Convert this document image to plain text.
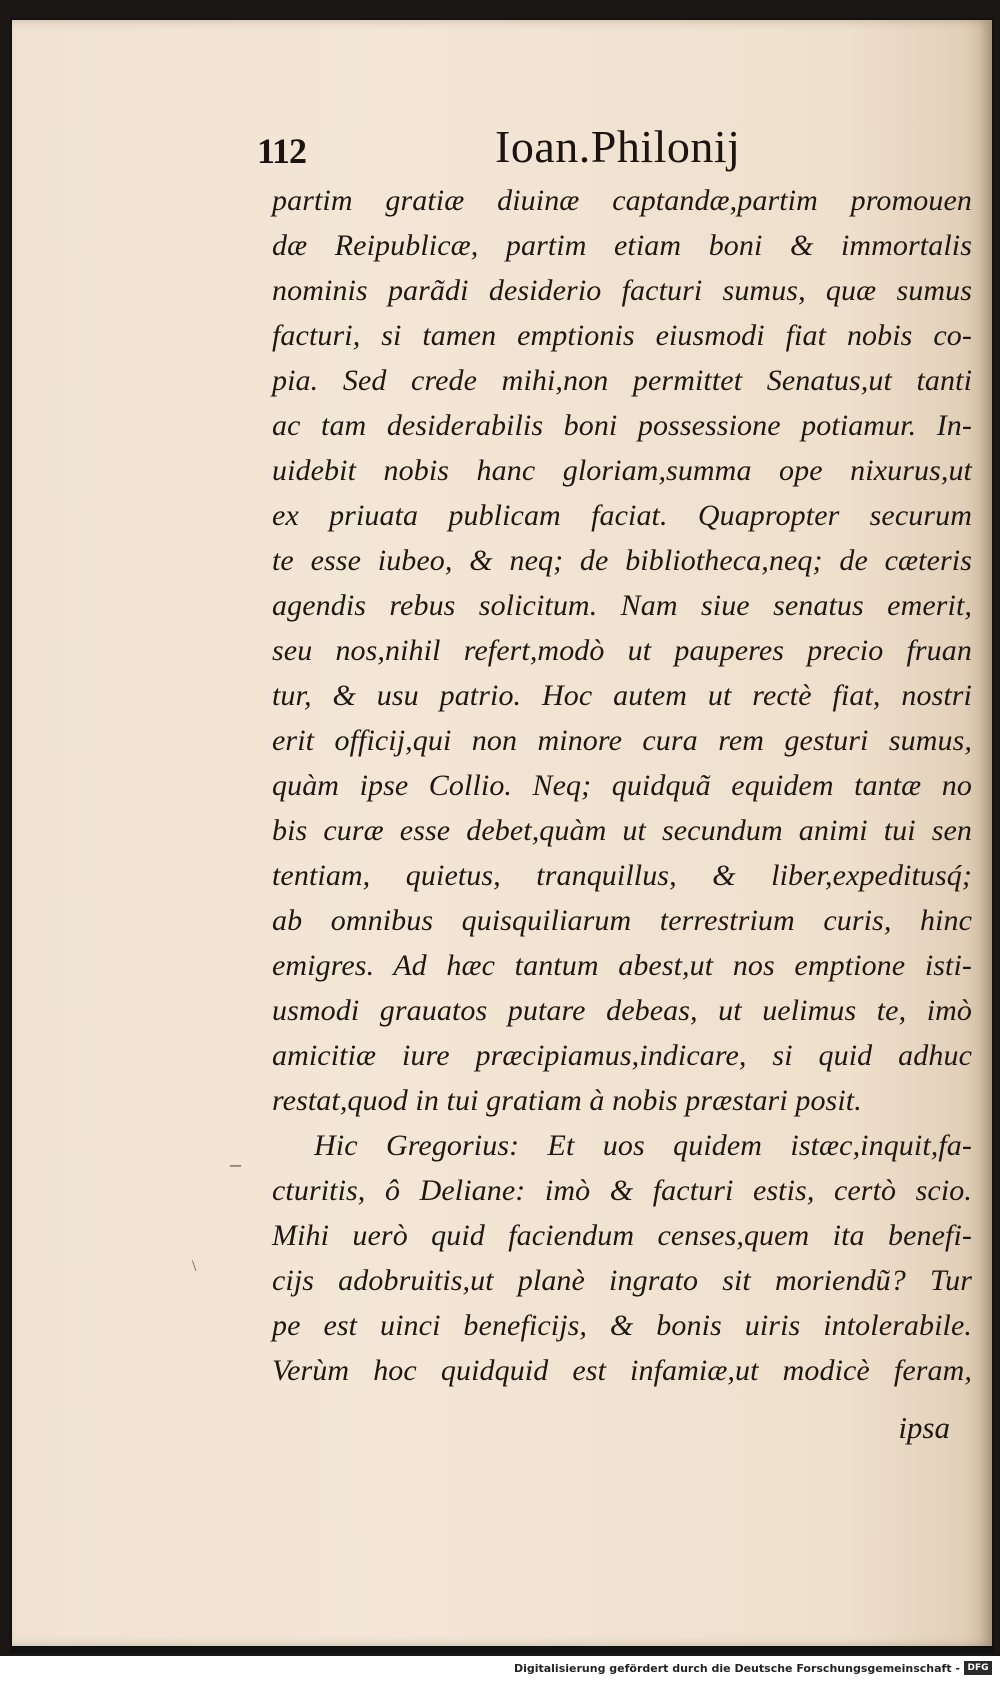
112	Ioan.Philonij
partim gratiæ diuinæ captandæ,partim promouen
dæ Reipublicæ, partim etiam boni & immortalis
nominis parãdi desiderio facturi sumus, quæ sumus
facturi, si tamen emptionis eiusmodi fiat nobis co-
pia. Sed crede mihi,non permittet Senatus,ut tanti
ac tam desiderabilis boni possessione potiamur. In-
uidebit nobis hanc gloriam,summa ope nixurus,ut
ex priuata publicam faciat. Quapropter securum
te esse iubeo, & neq; de bibliotheca,neq; de cæteris
agendis rebus solicitum. Nam siue senatus emerit,
seu nos,nihil refert,modò ut pauperes precio fruan
tur, & usu patrio. Hoc autem ut rectè fiat, nostri
erit officij,qui non minore cura rem gesturi sumus,
quàm ipse Collio. Neq; quidquã equidem tantæ no
bis curæ esse debet,quàm ut secundum animi tui sen
tentiam, quietus, tranquillus, & liber,expeditusq́;
ab omnibus quisquiliarum terrestrium curis, hinc
emigres. Ad hæc tantum abest,ut nos emptione isti-
usmodi grauatos putare debeas, ut uelimus te, imò
amicitiæ iure præcipiamus,indicare, si quid adhuc
restat,quod in tui gratiam à nobis præstari posit.
Hic Gregorius: Et uos quidem istæc,inquit,fa-
cturitis, ô Deliane: imò & facturi estis, certò scio.
Mihi uerò quid faciendum censes,quem ita benefi-
cijs adobruitis,ut planè ingrato sit moriendũ? Tur
pe est uinci beneficijs, & bonis uiris intolerabile.
Verùm hoc quidquid est infamiæ,ut modicè feram,
–
\
ipsa
Digitalisierung gefördert durch die Deutsche Forschungsgemeinschaft - DFG
